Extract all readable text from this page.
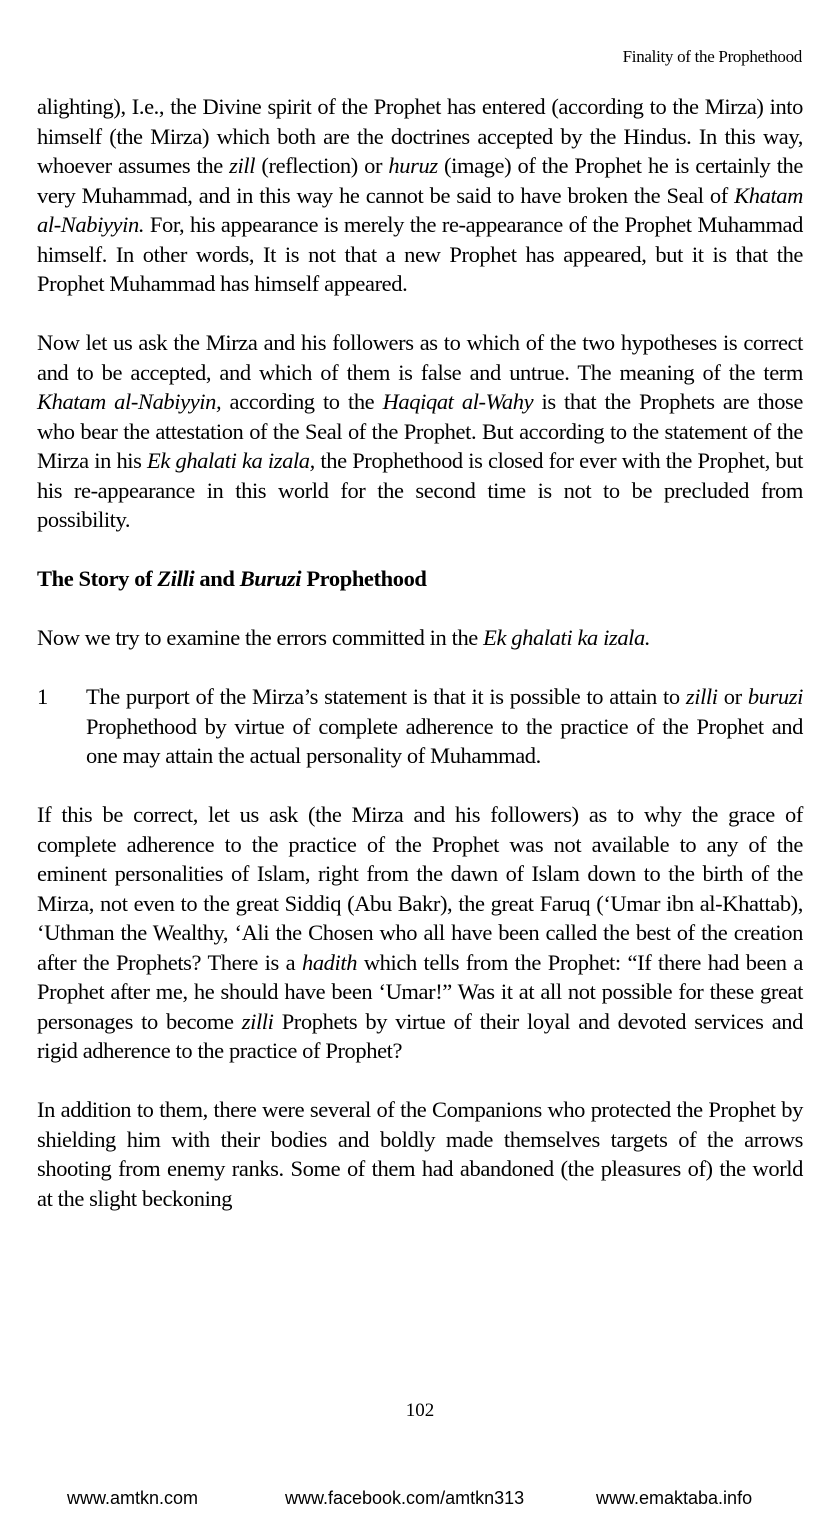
Finality of the Prophethood

alighting), I.e., the Divine spirit of the Prophet has entered (according to the Mirza) into himself (the Mirza) which both are the doctrines accepted by the Hindus. In this way, whoever assumes the zill (reflection) or huruz (image) of the Prophet he is certainly the very Muhammad, and in this way he cannot be said to have broken the Seal of Khatam al-Nabiyyin. For, his appearance is merely the re-appearance of the Prophet Muhammad himself. In other words, It is not that a new Prophet has appeared, but it is that the Prophet Muhammad has himself appeared.

Now let us ask the Mirza and his followers as to which of the two hypotheses is correct and to be accepted, and which of them is false and untrue. The meaning of the term Khatam al-Nabiyyin, according to the Haqiqat al-Wahy is that the Prophets are those who bear the attestation of the Seal of the Prophet. But according to the statement of the Mirza in his Ek ghalati ka izala, the Prophethood is closed for ever with the Prophet, but his re-appearance in this world for the second time is not to be precluded from possibility.

The Story of Zilli and Buruzi Prophethood

Now we try to examine the errors committed in the Ek ghalati ka izala.

1	The purport of the Mirza’s statement is that it is possible to attain to zilli or buruzi Prophethood by virtue of complete adherence to the practice of the Prophet and one may attain the actual personality of Muhammad.

If this be correct, let us ask (the Mirza and his followers) as to why the grace of complete adherence to the practice of the Prophet was not available to any of the eminent personalities of Islam, right from the dawn of Islam down to the birth of the Mirza, not even to the great Siddiq (Abu Bakr), the great Faruq (‘Umar ibn al-Khattab), ‘Uthman the Wealthy, ‘Ali the Chosen who all have been called the best of the creation after the Prophets? There is a hadith which tells from the Prophet: “If there had been a Prophet after me, he should have been ‘Umar!” Was it at all not possible for these great personages to become zilli Prophets by virtue of their loyal and devoted services and rigid adherence to the practice of Prophet?

In addition to them, there were several of the Companions who protected the Prophet by shielding him with their bodies and boldly made themselves targets of the arrows shooting from enemy ranks. Some of them had abandoned (the pleasures of) the world at the slight beckoning

102
www.amtkn.com	www.facebook.com/amtkn313	www.emaktaba.info
